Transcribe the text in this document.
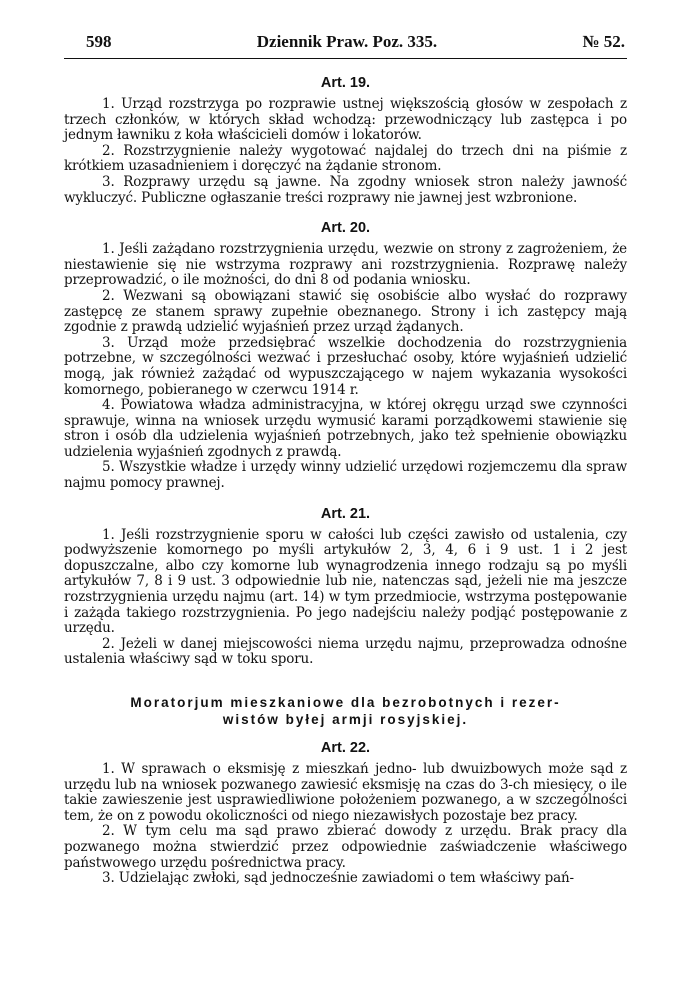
598	Dziennik Praw. Poz. 335.	№ 52.
Art. 19.

1. Urząd rozstrzyga po rozprawie ustnej większością głosów w zespołach z trzech członków, w których skład wchodzą: przewodniczący lub zastępca i po jednym ławniku z koła właścicieli domów i lokatorów.

2. Rozstrzygnienie należy wygotować najdalej do trzech dni na piśmie z krótkiem uzasadnieniem i doręczyć na żądanie stronom.

3. Rozprawy urzędu są jawne. Na zgodny wniosek stron należy jawność wykluczyć. Publiczne ogłaszanie treści rozprawy nie jawnej jest wzbronione.

Art. 20.

1. Jeśli zażądano rozstrzygnienia urzędu, wezwie on strony z zagrożeniem, że niestawienie się nie wstrzyma rozprawy ani rozstrzygnienia. Rozprawę należy przeprowadzić, o ile możności, do dni 8 od podania wniosku.

2. Wezwani są obowiązani stawić się osobiście albo wysłać do rozprawy zastępcę ze stanem sprawy zupełnie obeznanego. Strony i ich zastępcy mają zgodnie z prawdą udzielić wyjaśnień przez urząd żądanych.

3. Urząd może przedsiębrać wszelkie dochodzenia do rozstrzygnienia potrzebne, w szczególności wezwać i przesłuchać osoby, które wyjaśnień udzielić mogą, jak również zażądać od wypuszczającego w najem wykazania wysokości komornego, pobieranego w czerwcu 1914 r.

4. Powiatowa władza administracyjna, w której okręgu urząd swe czynności sprawuje, winna na wniosek urzędu wymusić karami porządkowemi stawienie się stron i osób dla udzielenia wyjaśnień potrzebnych, jako też spełnienie obowiązku udzielenia wyjaśnień zgodnych z prawdą.

5. Wszystkie władze i urzędy winny udzielić urzędowi rozjemczemu dla spraw najmu pomocy prawnej.

Art. 21.

1. Jeśli rozstrzygnienie sporu w całości lub części zawisło od ustalenia, czy podwyższenie komornego po myśli artykułów 2, 3, 4, 6 i 9 ust. 1 i 2 jest dopuszczalne, albo czy komorne lub wynagrodzenia innego rodzaju są po myśli artykułów 7, 8 i 9 ust. 3 odpowiednie lub nie, natenczas sąd, jeżeli nie ma jeszcze rozstrzygnienia urzędu najmu (art. 14) w tym przedmiocie, wstrzyma postępowanie i zażąda takiego rozstrzygnienia. Po jego nadejściu należy podjąć postępowanie z urzędu.

2. Jeżeli w danej miejscowości niema urzędu najmu, przeprowadza odnośne ustalenia właściwy sąd w toku sporu.

Moratorjum mieszkaniowe dla bezrobotnych i rezer-
wistów byłej armji rosyjskiej.
Art. 22.

1. W sprawach o eksmisję z mieszkań jedno- lub dwuizbowych może sąd z urzędu lub na wniosek pozwanego zawiesić eksmisję na czas do 3-ch miesięcy, o ile takie zawieszenie jest usprawiedliwione położeniem pozwanego, a w szczególności tem, że on z powodu okoliczności od niego niezawisłych pozostaje bez pracy.

2. W tym celu ma sąd prawo zbierać dowody z urzędu. Brak pracy dla pozwanego można stwierdzić przez odpowiednie zaświadczenie właściwego państwowego urzędu pośrednictwa pracy.

3. Udzielając zwłoki, sąd jednocześnie zawiadomi o tem właściwy pań-
